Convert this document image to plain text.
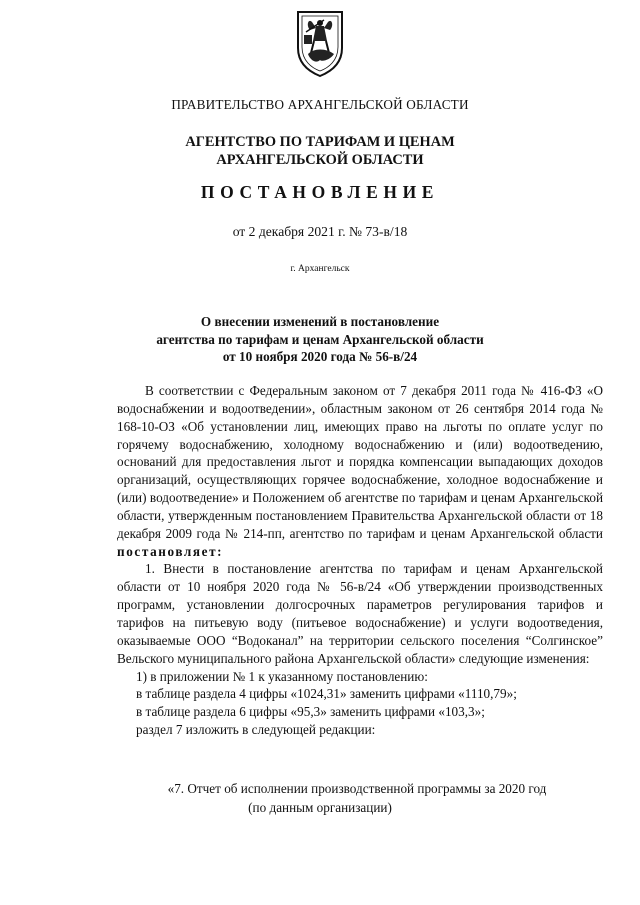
ПРАВИТЕЛЬСТВО АРХАНГЕЛЬСКОЙ ОБЛАСТИ
АГЕНТСТВО ПО ТАРИФАМ И ЦЕНАМ
АРХАНГЕЛЬСКОЙ ОБЛАСТИ
ПОСТАНОВЛЕНИЕ
от 2 декабря 2021 г. № 73-в/18
г. Архангельск
О внесении изменений в постановление
агентства по тарифам и ценам Архангельской области
от 10 ноября 2020 года № 56-в/24

В соответствии с Федеральным законом от 7 декабря 2011 года № 416-ФЗ «О водоснабжении и водоотведении», областным законом от 26 сентября 2014 года № 168-10-ОЗ «Об установлении лиц, имеющих право на льготы по оплате услуг по горячему водоснабжению, холодному водоснабжению и (или) водоотведению, оснований для предоставления льгот и порядка компенсации выпадающих доходов организаций, осуществляющих горячее водоснабжение, холодное водоснабжение и (или) водоотведение» и Положением об агентстве по тарифам и ценам Архангельской области, утвержденным постановлением Правительства Архангельской области от 18 декабря 2009 года № 214-пп, агентство по тарифам и ценам Архангельской области постановляет:

1. Внести в постановление агентства по тарифам и ценам Архангельской области от 10 ноября 2020 года № 56-в/24 «Об утверждении производственных программ, установлении долгосрочных параметров регулирования тарифов и тарифов на питьевую воду (питьевое водоснабжение) и услуги водоотведения, оказываемые ООО “Водоканал” на территории сельского поселения “Солгинское” Вельского муниципального района Архангельской области» следующие изменения:

1) в приложении № 1 к указанному постановлению:

в таблице раздела 4 цифры «1024,31» заменить цифрами «1110,79»;

в таблице раздела 6 цифры «95,3» заменить цифрами «103,3»;

раздел 7 изложить в следующей редакции:

«7. Отчет об исполнении производственной программы за 2020 год
(по данным организации)
